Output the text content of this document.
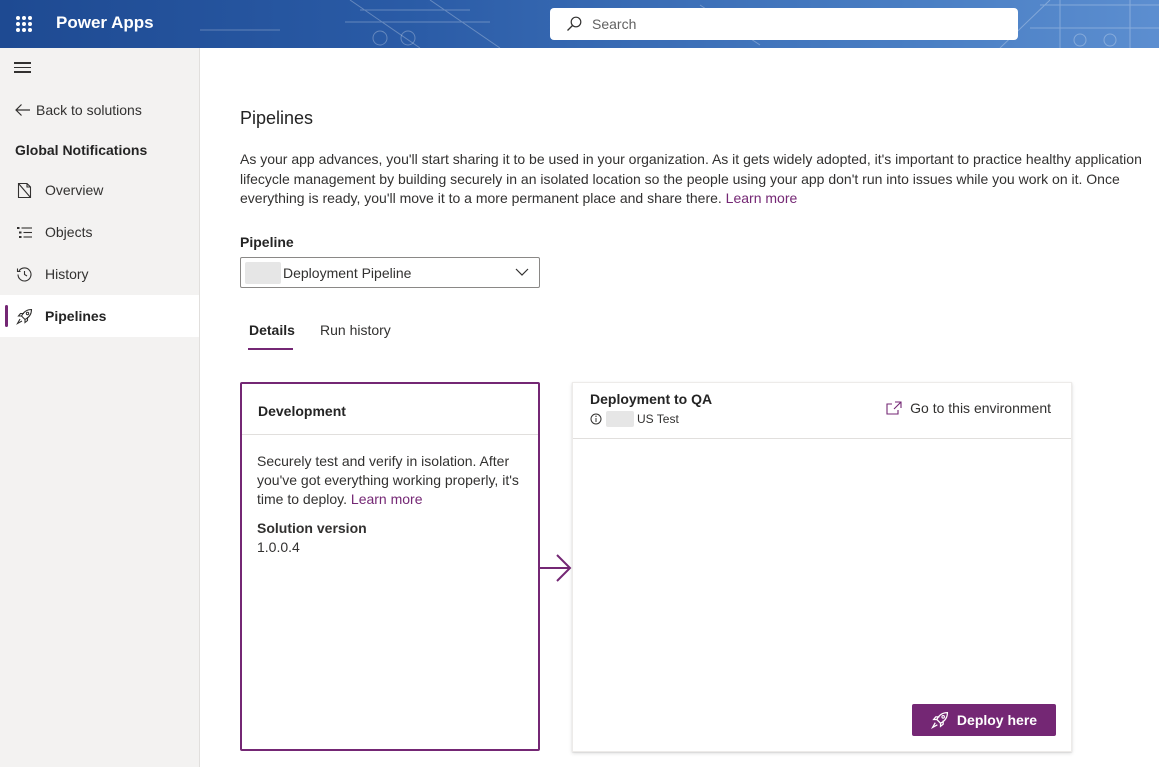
Power Apps	Search
Back to solutions
Global Notifications
Overview
Objects
History
Pipelines
Pipelines

As your app advances, you'll start sharing it to be used in your organization. As it gets widely adopted, it's important to practice healthy application lifecycle management by building securely in an isolated location so the people using your app don't run into issues while you work on it. Once everything is ready, you'll move it to a more permanent place and share there. Learn more

Pipeline
Deployment Pipeline
Details Run history
Development
Securely test and verify in isolation. After you've got everything working properly, it's time to deploy. Learn more
Solution version
1.0.0.4
Deployment to QA
US Test
Go to this environment
Deploy here
